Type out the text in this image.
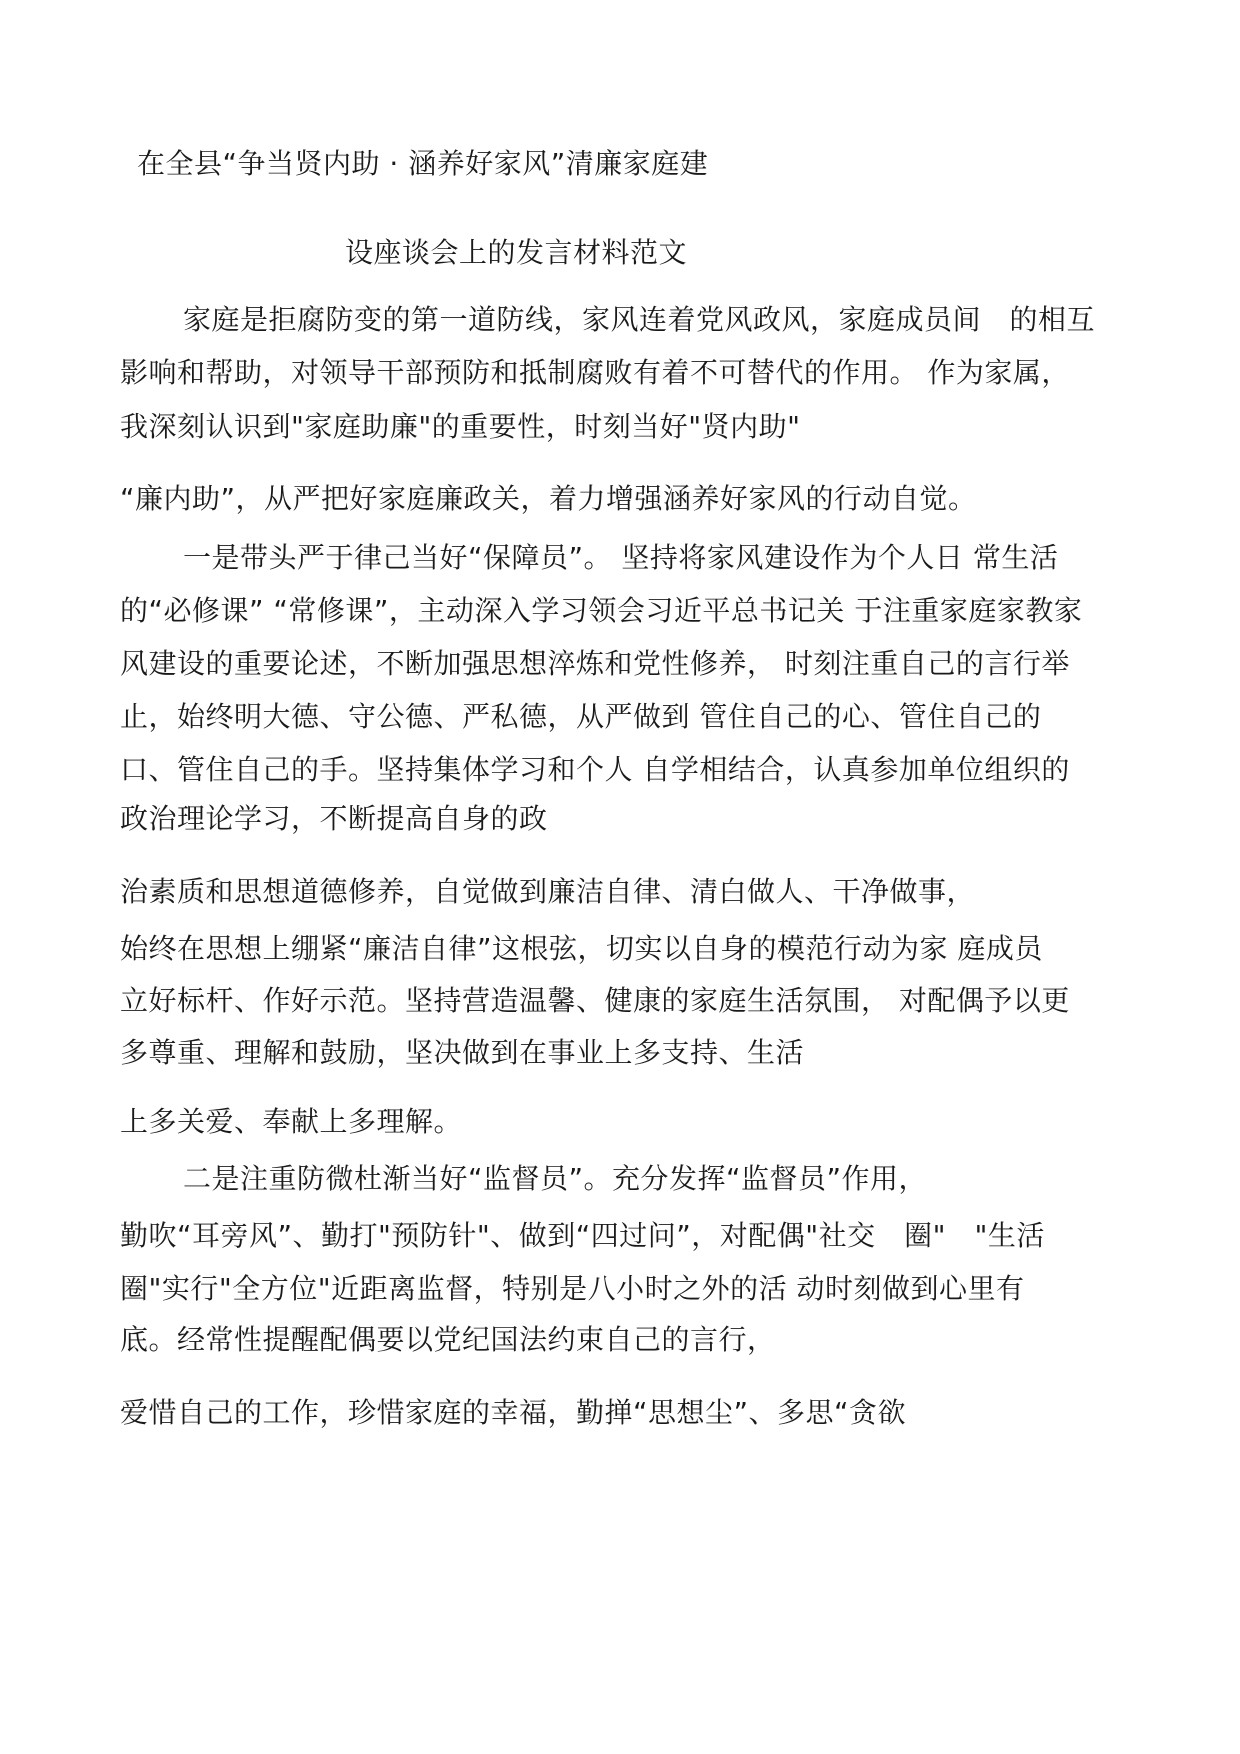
在全县“争当贤内助 · 涵养好家风”清廉家庭建
设座谈会上的发言材料范文
家庭是拒腐防变的第一道防线，家风连着党风政风，家庭成员间　的相互
影响和帮助，对领导干部预防和抵制腐败有着不可替代的作用。 作为家属，
我深刻认识到"家庭助廉"的重要性，时刻当好"贤内助"
“廉内助”，从严把好家庭廉政关，着力增强涵养好家风的行动自觉。
一是带头严于律己当好“保障员”。 坚持将家风建设作为个人日 常生活
的“必修课” “常修课”，主动深入学习领会习近平总书记关 于注重家庭家教家
风建设的重要论述，不断加强思想淬炼和党性修养， 时刻注重自己的言行举
止，始终明大德、守公德、严私德，从严做到 管住自己的心、管住自己的
口、管住自己的手。坚持集体学习和个人 自学相结合，认真参加单位组织的
政治理论学习，不断提高自身的政
治素质和思想道德修养，自觉做到廉洁自律、清白做人、干净做事，
始终在思想上绷紧“廉洁自律”这根弦，切实以自身的模范行动为家 庭成员
立好标杆、作好示范。坚持营造温馨、健康的家庭生活氛围， 对配偶予以更
多尊重、理解和鼓励，坚决做到在事业上多支持、生活
上多关爱、奉献上多理解。
二是注重防微杜渐当好“监督员”。充分发挥“监督员”作用，
勤吹“耳旁风”、勤打"预防针"、做到“四过问”，对配偶"社交　圈"　"生活
圈"实行"全方位"近距离监督，特别是八小时之外的活 动时刻做到心里有
底。经常性提醒配偶要以党纪国法约束自己的言行，
爱惜自己的工作，珍惜家庭的幸福，勤掸“思想尘”、多思“贪欲
